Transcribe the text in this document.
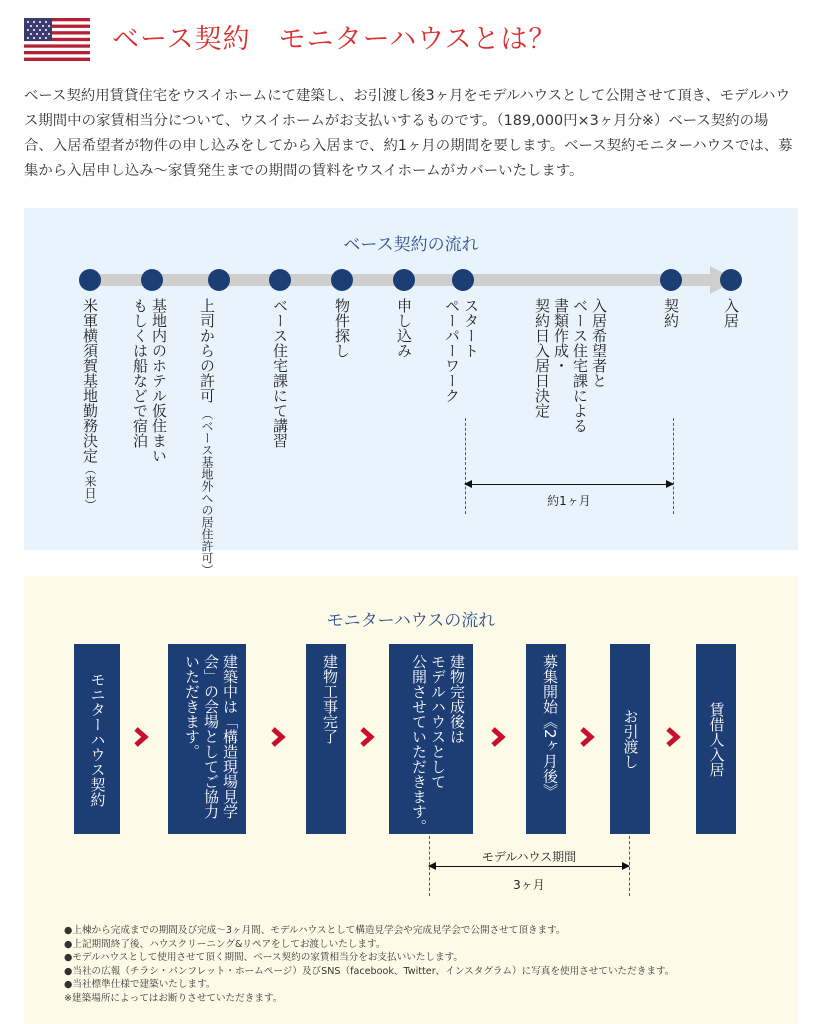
ベース契約　モニターハウスとは？

ベース契約用賃貸住宅をウスイホームにて建築し、お引渡し後3ヶ月をモデルハウスとして公開させて頂き、モデルハウス期間中の家賃相当分について、ウスイホームがお支払いするものです。（189,000円×3ヶ月分※）ベース契約の場合、入居希望者が物件の申し込みをしてから入居まで、約1ヶ月の期間を要します。ベース契約モニターハウスでは、募集から入居申し込み～家賃発生までの期間の賃料をウスイホームがカバーいたします。

ベース契約の流れ
米軍横須賀基地勤務決定（来日）
基地内のホテル仮住まい
もしくは船などで宿泊	上司からの許可 （ベース基地外への居住許可）
ベース住宅課にて講習	物件探し	申し込み	スタート
ペーパーワーク	入居希望者と
ベース住宅課による
書類作成・
契約日入居日決定	契約	入居
約1ヶ月
モニターハウスの流れ
モニターハウス契約	建築中は「構造現場見学
会」の会場としてご協力
いただきます。	建物工事完了	建物完成後は
モデルハウスとして
公開させていただきます。	募集開始《2ヶ月後》	お引渡し	賃借人入居
モデルハウス期間
3ヶ月
●上棟から完成までの期間及び完成～3ヶ月間、モデルハウスとして構造見学会や完成見学会で公開させて頂きます。
●上記期間終了後、ハウスクリーニング&リペアをしてお渡しいたします。
●モデルハウスとして使用させて頂く期間、ベース契約の家賃相当分をお支払いいたします。
●当社の広報（チラシ・パンフレット・ホームページ）及びSNS（facebook、Twitter、インスタグラム）に写真を使用させていただきます。
●当社標準仕様で建築いたします。
※建築場所によってはお断りさせていただきます。
